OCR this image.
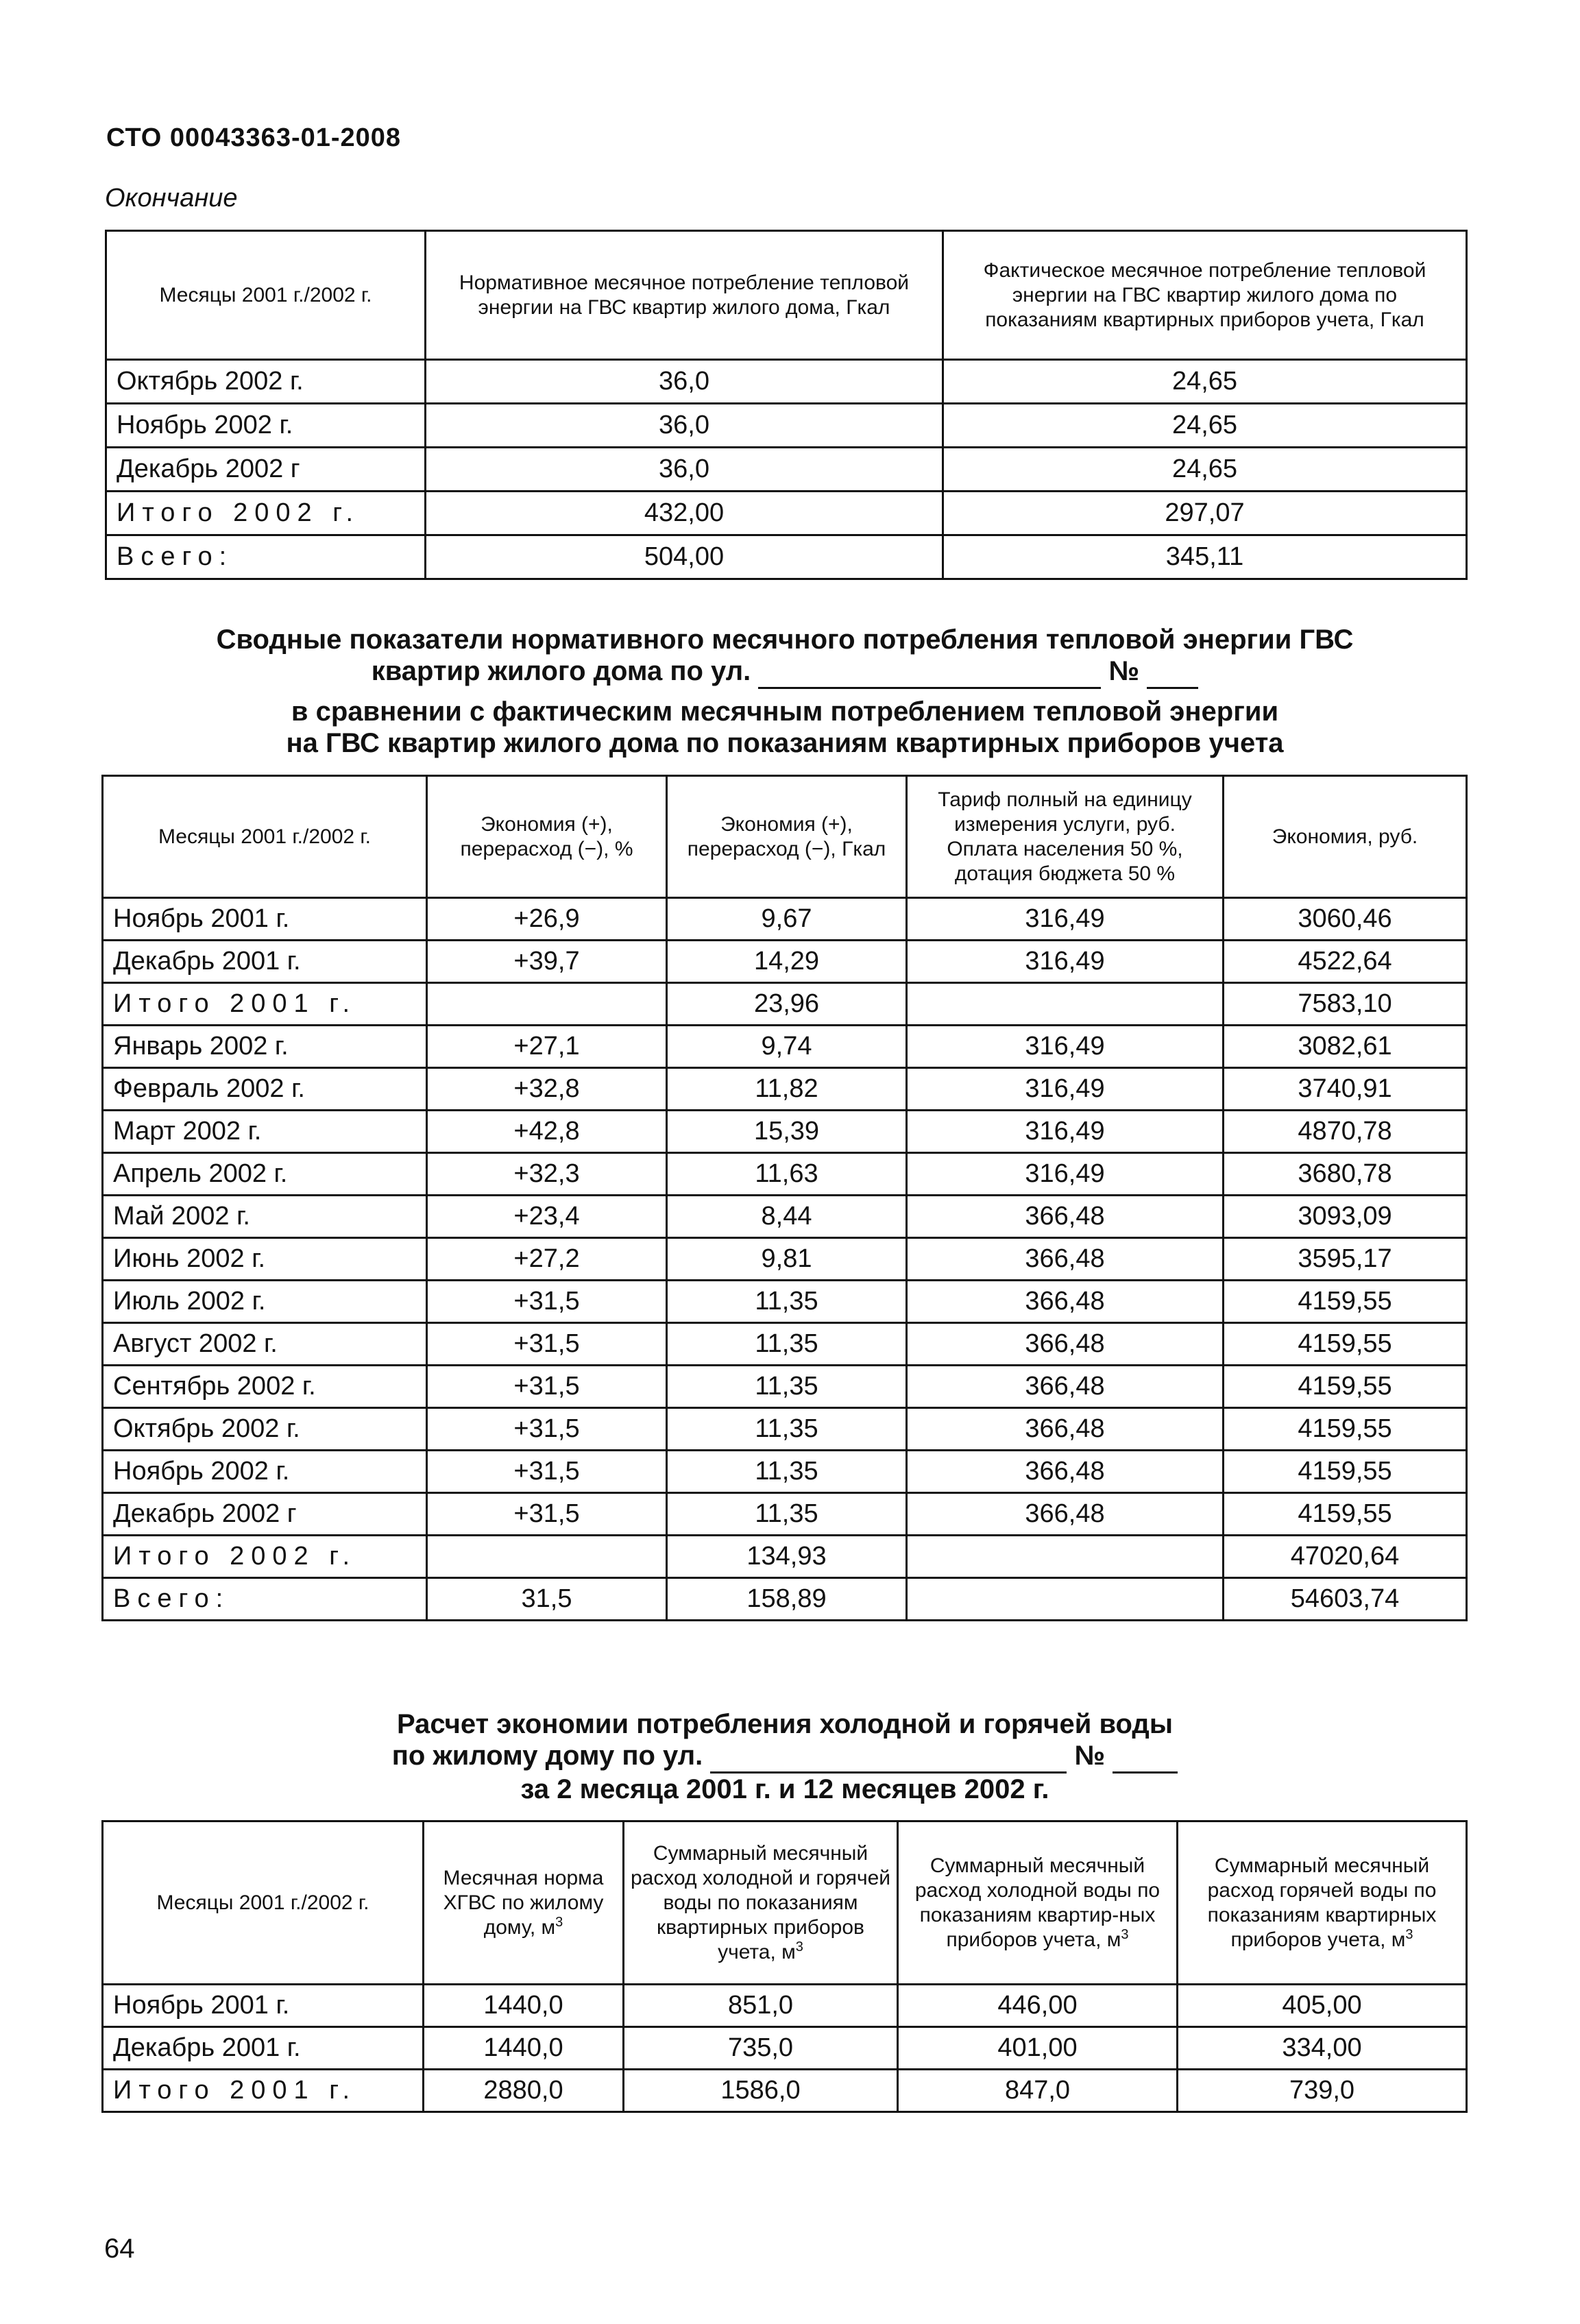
СТО 00043363-01-2008
Окончание
Месяцы 2001 г./2002 г.	Нормативное месячное потребление тепловой энергии на ГВС квартир жилого дома, Гкал	Фактическое месячное потребление тепловой энергии на ГВС квартир жилого дома по показаниям квартирных приборов учета, Гкал
Октябрь 2002 г.	36,0	24,65
Ноябрь 2002 г.	36,0	24,65
Декабрь 2002 г	36,0	24,65
Итого 2002 г.	432,00	297,07
Всего:	504,00	345,11
Сводные показатели нормативного месячного потребления тепловой энергии ГВС
квартир жилого дома по ул.	№
в сравнении с фактическим месячным потреблением тепловой энергии
на ГВС квартир жилого дома по показаниям квартирных приборов учета
Месяцы 2001 г./2002 г.	Экономия (+), перерасход (−), %	Экономия (+), перерасход (−), Гкал	Тариф полный на единицу измерения услуги, руб. Оплата населения 50 %, дотация бюджета 50 %	Экономия, руб.
Ноябрь 2001 г.	+26,9	9,67	316,49	3060,46
Декабрь 2001 г.	+39,7	14,29	316,49	4522,64
Итого 2001 г.		23,96		7583,10
Январь 2002 г.	+27,1	9,74	316,49	3082,61
Февраль 2002 г.	+32,8	11,82	316,49	3740,91
Март 2002 г.	+42,8	15,39	316,49	4870,78
Апрель 2002 г.	+32,3	11,63	316,49	3680,78
Май 2002 г.	+23,4	8,44	366,48	3093,09
Июнь 2002 г.	+27,2	9,81	366,48	3595,17
Июль 2002 г.	+31,5	11,35	366,48	4159,55
Август 2002 г.	+31,5	11,35	366,48	4159,55
Сентябрь 2002 г.	+31,5	11,35	366,48	4159,55
Октябрь 2002 г.	+31,5	11,35	366,48	4159,55
Ноябрь 2002 г.	+31,5	11,35	366,48	4159,55
Декабрь 2002 г	+31,5	11,35	366,48	4159,55
Итого 2002 г.		134,93		47020,64
Всего:	31,5	158,89		54603,74
Расчет экономии потребления холодной и горячей воды
по жилому дому по ул.	№
за 2 месяца 2001 г. и 12 месяцев 2002 г.
Месяцы 2001 г./2002 г.	Месячная норма ХГВС по жилому дому, $м^3$	Суммарный месячный расход холодной и горячей воды по показаниям квартирных приборов учета, $м^3$	Суммарный месячный расход холодной воды по показаниям квартир-ных приборов учета, $м^3$	Суммарный месячный расход горячей воды по показаниям квартирных приборов учета, $м^3$
Ноябрь 2001 г.	1440,0	851,0	446,00	405,00
Декабрь 2001 г.	1440,0	735,0	401,00	334,00
Итого 2001 г.	2880,0	1586,0	847,0	739,0
64
